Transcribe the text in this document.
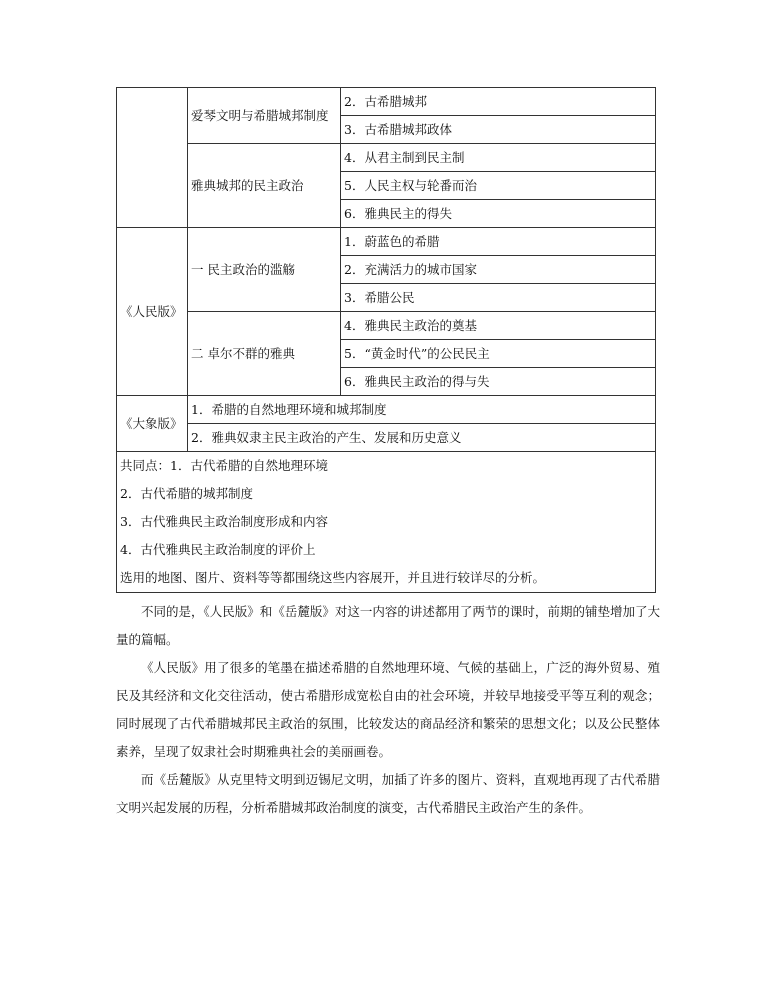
	爱琴文明与希腊城邦制度	2．古希腊城邦
		3．古希腊城邦政体
	雅典城邦的民主政治	4．从君主制到民主制
		5．人民主权与轮番而治
		6．雅典民主的得失
《人民版》	一 民主政治的滥觞	1．蔚蓝色的希腊
		2．充满活力的城市国家
		3．希腊公民
	二 卓尔不群的雅典	4．雅典民主政治的奠基
		5．“黄金时代”的公民民主
		6．雅典民主政治的得与失
《大象版》	1．希腊的自然地理环境和城邦制度	
	2．雅典奴隶主民主政治的产生、发展和历史意义	

共同点：1．古代希腊的自然地理环境
2．古代希腊的城邦制度
3．古代雅典民主政治制度形成和内容
4．古代雅典民主政治制度的评价上
选用的地图、图片、资料等等都围绕这些内容展开，并且进行较详尽的分析。		

不同的是，《人民版》和《岳麓版》对这一内容的讲述都用了两节的课时，前期的铺垫增加了大量的篇幅。

《人民版》用了很多的笔墨在描述希腊的自然地理环境、气候的基础上，广泛的海外贸易、殖民及其经济和文化交往活动，使古希腊形成宽松自由的社会环境，并较早地接受平等互利的观念；同时展现了古代希腊城邦民主政治的氛围，比较发达的商品经济和繁荣的思想文化；以及公民整体素养，呈现了奴隶社会时期雅典社会的美丽画卷。

而《岳麓版》从克里特文明到迈锡尼文明，加插了许多的图片、资料，直观地再现了古代希腊文明兴起发展的历程，分析希腊城邦政治制度的演变，古代希腊民主政治产生的条件。
